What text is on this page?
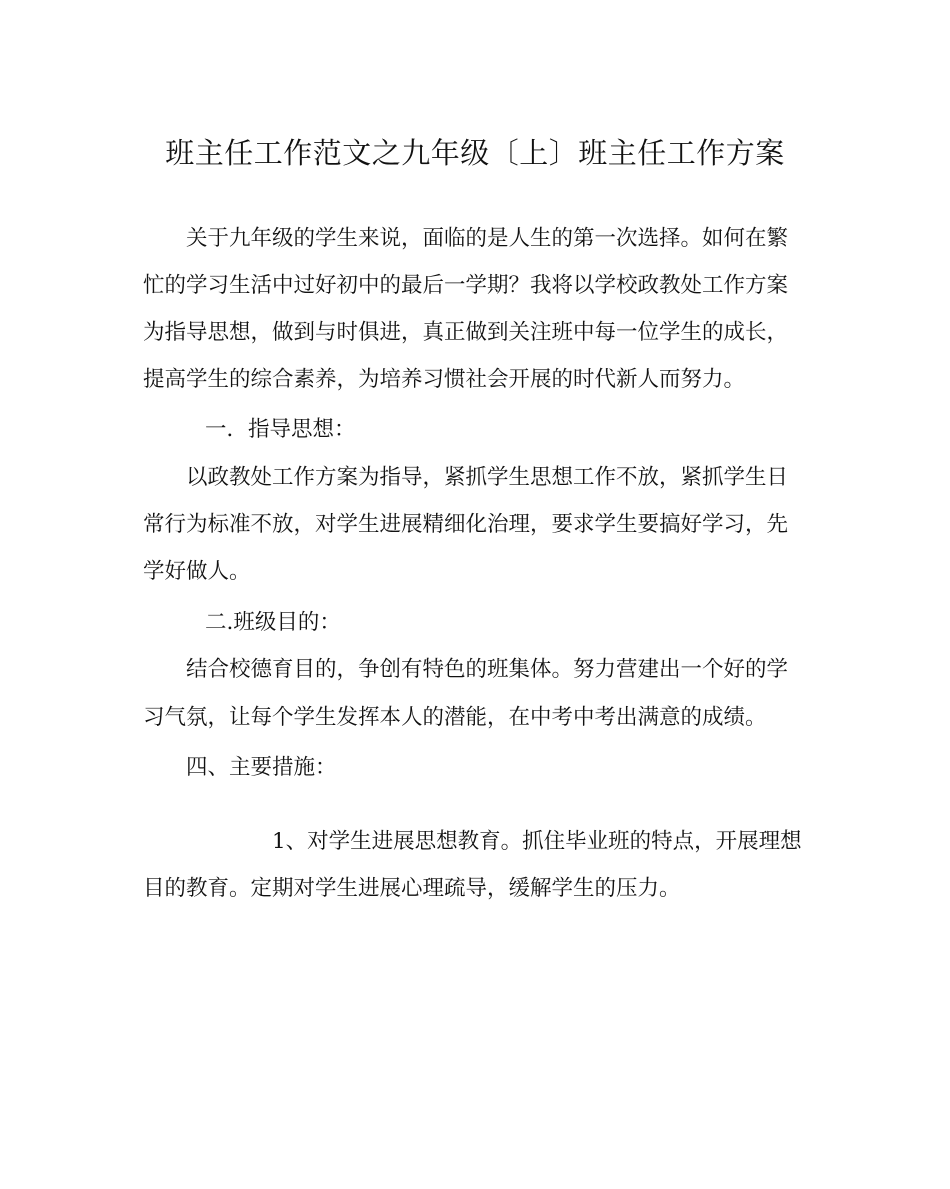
班主任工作范文之九年级〔上〕班主任工作方案
关于九年级的学生来说，面临的是人生的第一次选择。如何在繁
忙的学习生活中过好初中的最后一学期？我将以学校政教处工作方案
为指导思想，做到与时俱进，真正做到关注班中每一位学生的成长，
提高学生的综合素养，为培养习惯社会开展的时代新人而努力。
一．指导思想：
以政教处工作方案为指导，紧抓学生思想工作不放，紧抓学生日
常行为标准不放，对学生进展精细化治理，要求学生要搞好学习，先
学好做人。
二.班级目的：
结合校德育目的，争创有特色的班集体。努力营建出一个好的学
习气氛，让每个学生发挥本人的潜能，在中考中考出满意的成绩。
四、主要措施：
1、对学生进展思想教育。抓住毕业班的特点，开展理想
目的教育。定期对学生进展心理疏导，缓解学生的压力。
